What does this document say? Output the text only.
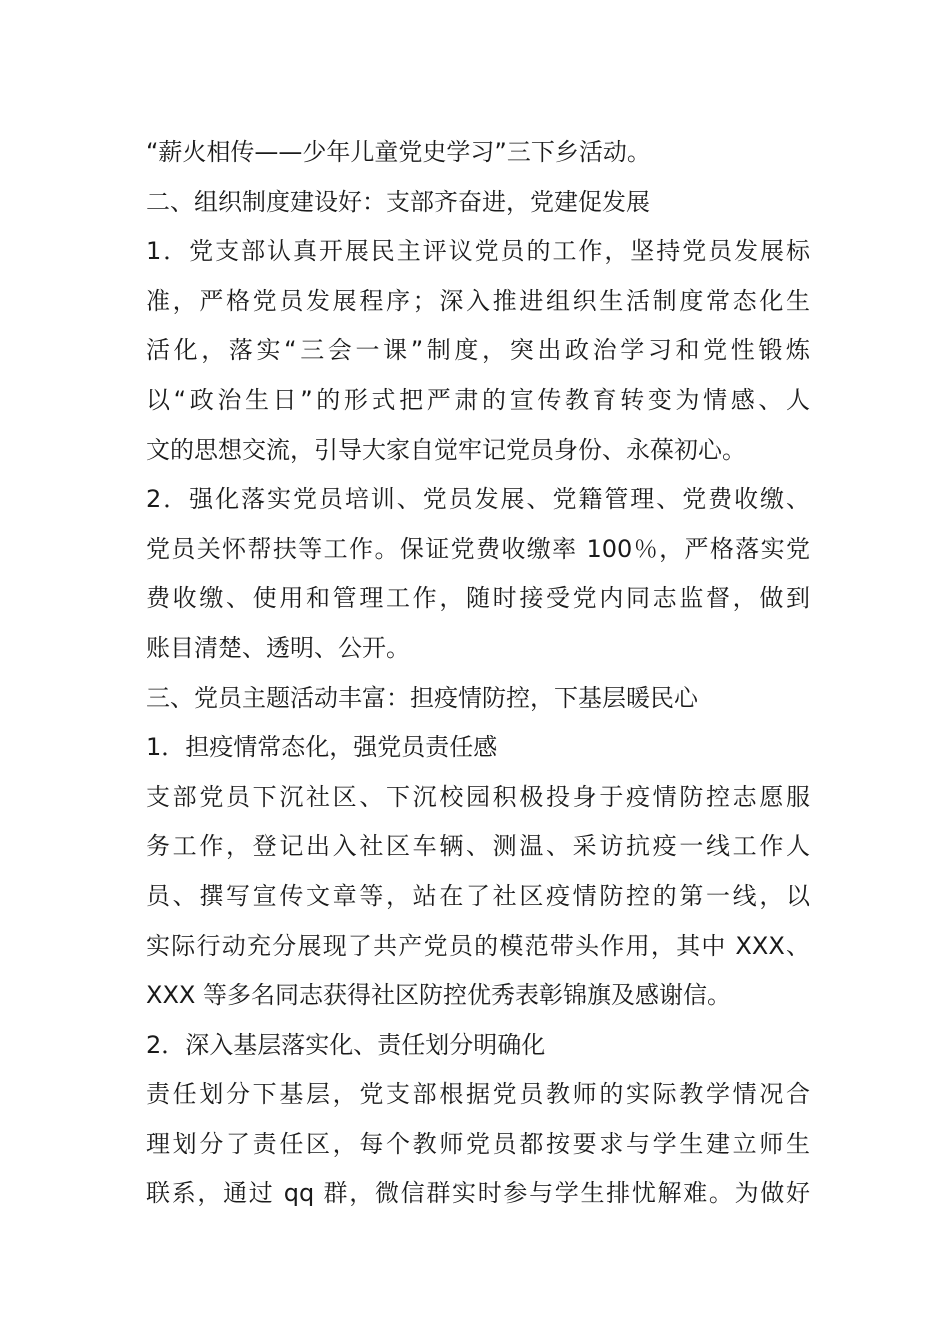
“薪火相传——少年儿童党史学习”三下乡活动。
二、组织制度建设好：支部齐奋进，党建促发展
1．党支部认真开展民主评议党员的工作，坚持党员发展标
准，严格党员发展程序；深入推进组织生活制度常态化生
活化，落实“三会一课”制度，突出政治学习和党性锻炼
以“政治生日”的形式把严肃的宣传教育转变为情感、人
文的思想交流，引导大家自觉牢记党员身份、永葆初心。
2．强化落实党员培训、党员发展、党籍管理、党费收缴、
党员关怀帮扶等工作。保证党费收缴率 100％，严格落实党
费收缴、使用和管理工作，随时接受党内同志监督，做到
账目清楚、透明、公开。
三、党员主题活动丰富：担疫情防控，下基层暖民心
1．担疫情常态化，强党员责任感
支部党员下沉社区、下沉校园积极投身于疫情防控志愿服
务工作，登记出入社区车辆、测温、采访抗疫一线工作人
员、撰写宣传文章等，站在了社区疫情防控的第一线，以
实际行动充分展现了共产党员的模范带头作用，其中 XXX、
XXX 等多名同志获得社区防控优秀表彰锦旗及感谢信。
2．深入基层落实化、责任划分明确化
责任划分下基层，党支部根据党员教师的实际教学情况合
理划分了责任区，每个教师党员都按要求与学生建立师生
联系，通过 qq 群，微信群实时参与学生排忧解难。为做好
